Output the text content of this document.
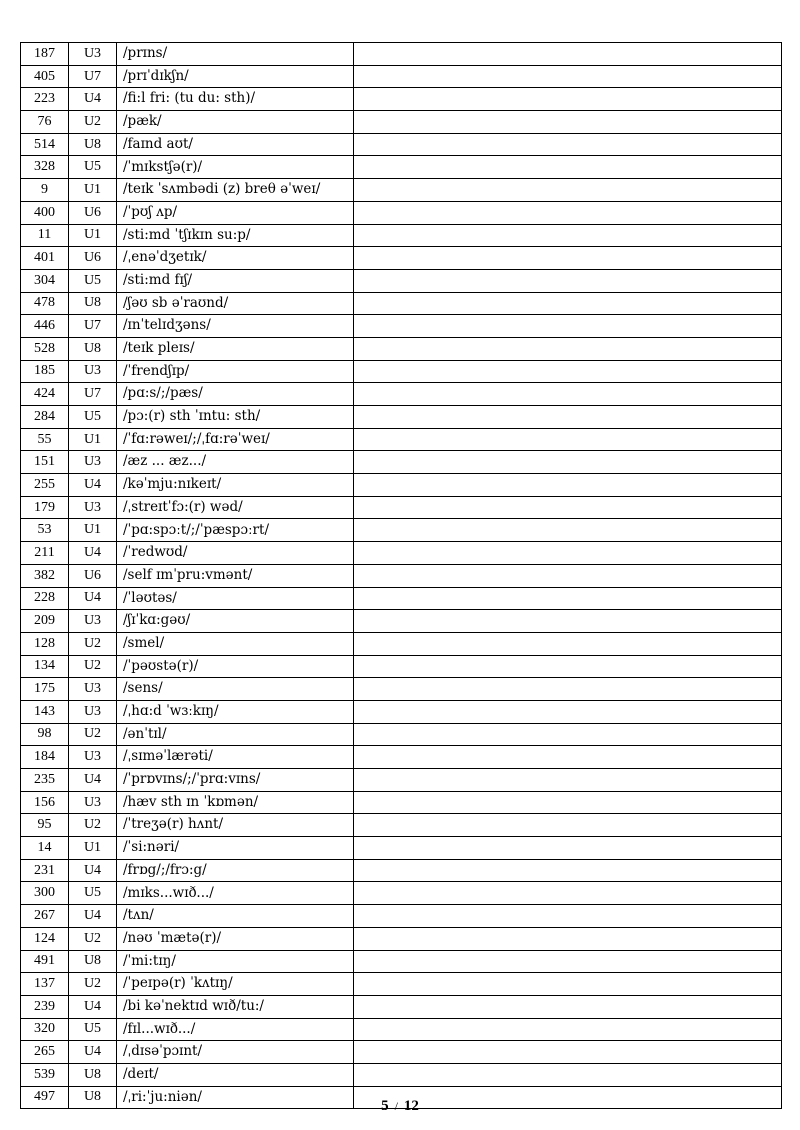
187	U3	/prɪns/	
405	U7	/prɪˈdɪkʃn/	
223	U4	/fi:l fri: (tu du: sth)/	
76	U2	/pæk/	
514	U8	/faɪnd aʊt/	
328	U5	/ˈmɪkstʃə(r)/	
9	U1	/teɪk ˈsʌmbədi (z) breθ əˈweɪ/	
400	U6	/ˈpʊʃ ʌp/	
11	U1	/sti:md ˈtʃɪkɪn su:p/	
401	U6	/ˌenəˈdʒetɪk/	
304	U5	/sti:md fɪʃ/	
478	U8	/ʃəʊ sb əˈraʊnd/	
446	U7	/ɪnˈtelɪdʒəns/	
528	U8	/teɪk pleɪs/	
185	U3	/ˈfrendʃɪp/	
424	U7	/pɑ:s/;/pæs/	
284	U5	/pɔ:(r) sth ˈɪntu: sth/	
55	U1	/ˈfɑ:rəweɪ/;/ˌfɑ:rəˈweɪ/	
151	U3	/æz ... æz.../	
255	U4	/kəˈmju:nɪkeɪt/	
179	U3	/ˌstreɪtˈfɔ:(r) wəd/	
53	U1	/ˈpɑ:spɔːt/;/ˈpæspɔːrt/	
211	U4	/ˈredwʊd/	
382	U6	/self ɪmˈpru:vmənt/	
228	U4	/ˈləʊtəs/	
209	U3	/ʃɪˈkɑ:gəʊ/	
128	U2	/smel/	
134	U2	/ˈpəʊstə(r)/	
175	U3	/sens/	
143	U3	/ˌhɑ:d ˈwɜːkɪŋ/	
98	U2	/ənˈtɪl/	
184	U3	/ˌsɪməˈlærəti/	
235	U4	/ˈprɒvɪns/;/ˈprɑ:vɪns/	
156	U3	/hæv sth ɪn ˈkɒmən/	
95	U2	/ˈtreʒə(r) hʌnt/	
14	U1	/ˈsi:nəri/	
231	U4	/frɒg/;/frɔ:g/	
300	U5	/mɪks...wɪð.../	
267	U4	/tʌn/	
124	U2	/nəʊ ˈmætə(r)/	
491	U8	/ˈmi:tɪŋ/	
137	U2	/ˈpeɪpə(r) ˈkʌtɪŋ/	
239	U4	/bi kəˈnektɪd wɪð/tu:/	
320	U5	/fɪl...wɪð.../	
265	U4	/ˌdɪsəˈpɔɪnt/	
539	U8	/deɪt/	
497	U8	/ˌri:ˈju:niən/	
5 / 12
